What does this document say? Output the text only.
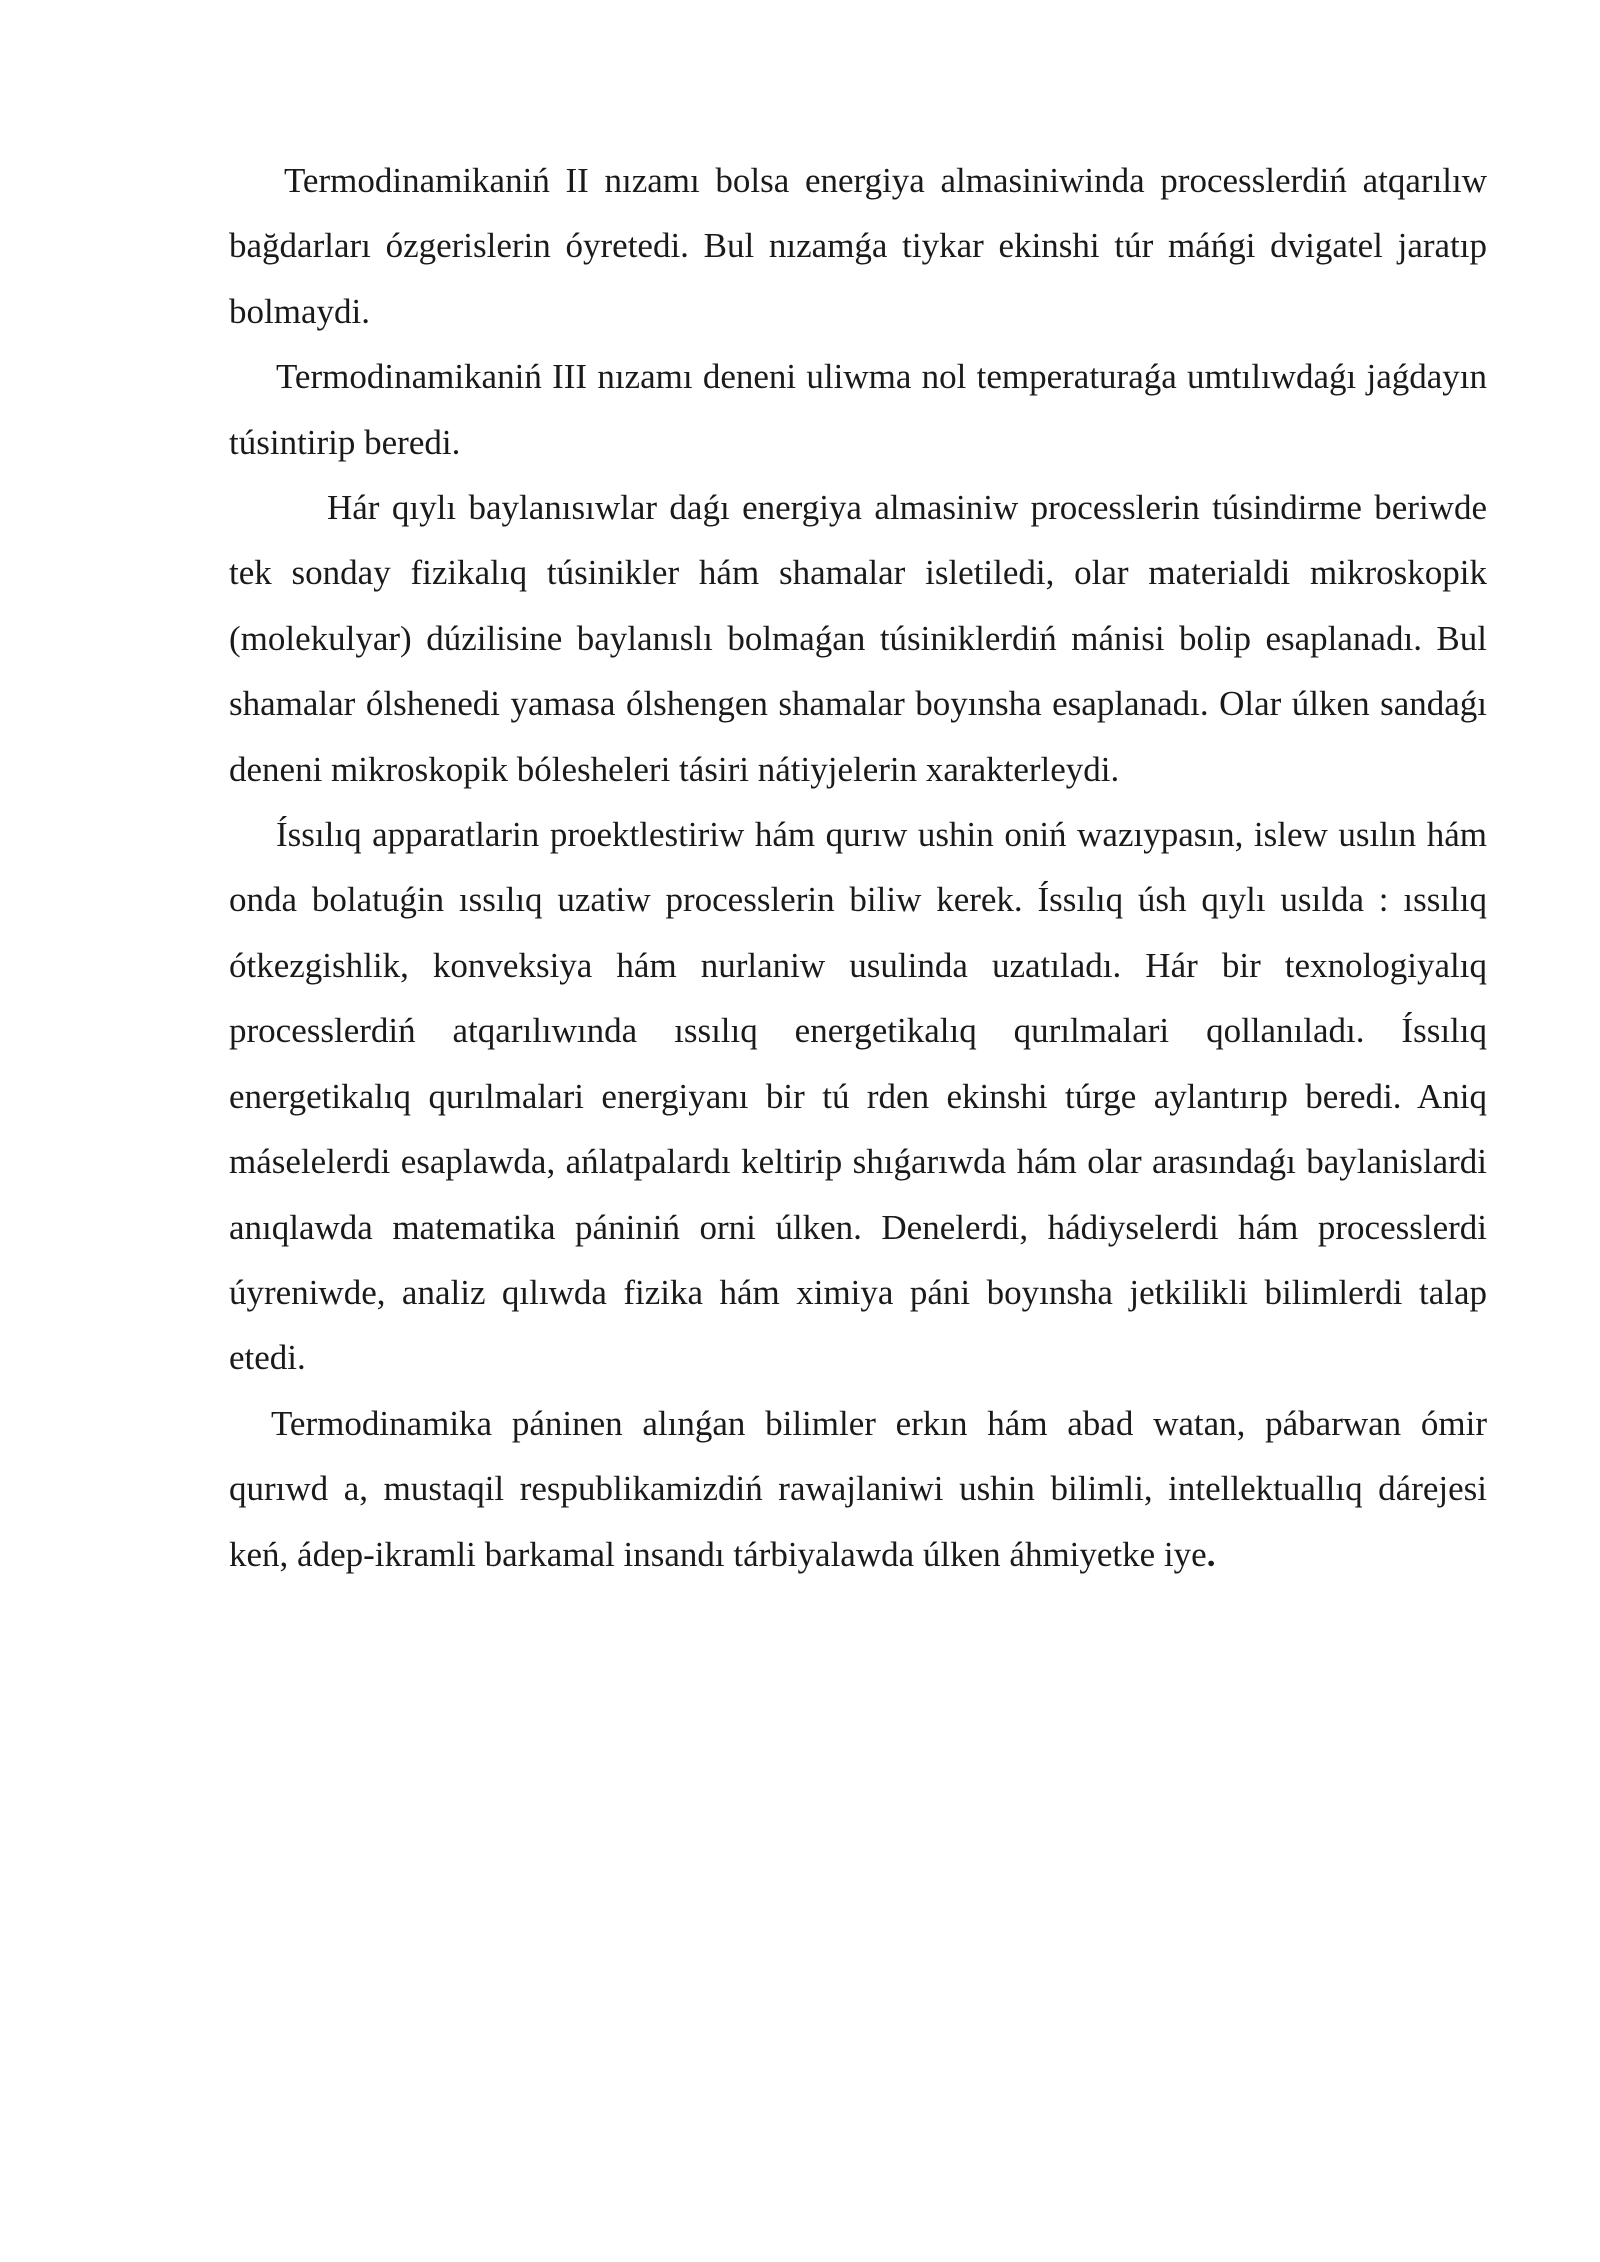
Termodinamikaniń II nızamı bolsa energiya almasiniwinda processlerdiń atqarılıw bağdarları ózgerislerin óyretedi. Bul nızamǵa tiykar ekinshi túr máńgi dvigatel jaratıp bolmaydi.

Termodinamikaniń III nızamı deneni uliwma nol temperaturaǵa umtılıwdaǵı jaǵdayın túsintirip beredi.

Hár qıylı baylanısıwlar daǵı energiya almasiniw processlerin túsindirme beriwde tek sonday fizikalıq túsinikler hám shamalar isletiledi, olar materialdi mikroskopik (molekulyar) dúzilisine baylanıslı bolmaǵan túsiniklerdiń mánisi bolip esaplanadı. Bul shamalar ólshenedi yamasa ólshengen shamalar boyınsha esaplanadı. Olar úlken sandaǵı deneni mikroskopik bólesheleri tásiri nátiyjelerin xarakterleydi.

Íssılıq apparatlarin proektlestiriw hám qurıw ushin oniń wazıypasın, islew usılın hám onda bolatuǵin ıssılıq uzatiw processlerin biliw kerek. Íssılıq úsh qıylı usılda : ıssılıq ótkezgishlik, konveksiya hám nurlaniw usulinda uzatıladı. Hár bir texnologiyalıq processlerdiń atqarılıwında ıssılıq energetikalıq qurılmalari qollanıladı. Íssılıq energetikalıq qurılmalari energiyanı bir tú rden ekinshi túrge aylantırıp beredi. Aniq máselelerdi esaplawda, ańlatpalardı keltirip shıǵarıwda hám olar arasındaǵı baylanislardi anıqlawda matematika pániniń orni úlken. Denelerdi, hádiyselerdi hám processlerdi úyreniwde, analiz qılıwda fizika hám ximiya páni boyınsha jetkilikli bilimlerdi talap etedi.

Termodinamika páninen alınǵan bilimler erkın hám abad watan, pábarwan ómir qurıwd a, mustaqil respublikamizdiń rawajlaniwi ushin bilimli, intellektuallıq dárejesi keń, ádep-ikramli barkamal insandı tárbiyalawda úlken áhmiyetke iye.
